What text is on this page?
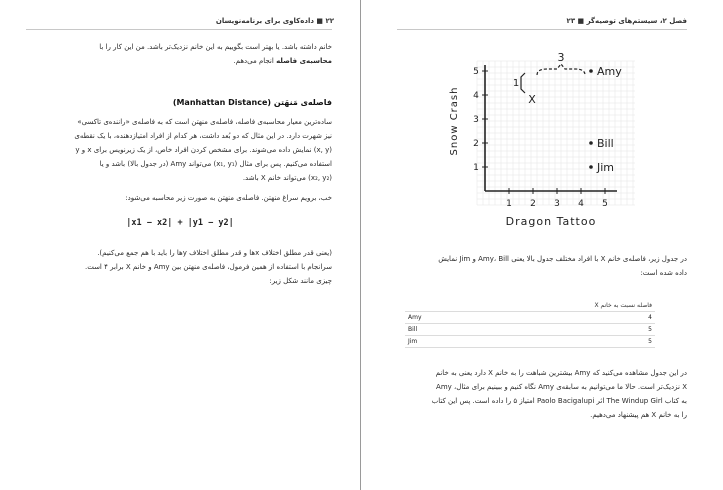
۲۲ ■ داده‌کاوی برای برنامه‌نویسان
خانم داشته باشد. یا بهتر است بگوییم به این خانم نزدیک‌تر باشد. من این کار را با
محاسبه‌ی فاصله انجام می‌دهم.
فاصله‌ی مَنهَتن (Manhattan Distance)
ساده‌ترین معیار محاسبه‌ی فاصله، فاصله‌ی منهتن است که به فاصله‌ی «راننده‌ی تاکسی»
نیز شهرت دارد. در این مثال که دو بُعد داشت، هر کدام از افراد امتیازدهنده، با یک نقطه‌ی
(x, y) نمایش داده می‌شوند. برای مشخص کردن افراد خاص، از یک زیرنویس برای x و y
استفاده می‌کنیم. پس برای مثال (x₁, y₁) می‌تواند Amy (در جدول بالا) باشد و یا
(x₂, y₂) می‌تواند خانم X باشد.
خب، برویم سراغ منهتن. فاصله‌ی منهتن به صورت زیر محاسبه می‌شود:
|x1 − x2| + |y1 − y2|
(یعنی قدر مطلق اختلاف xها و قدر مطلق اختلاف yها را باید با هم جمع می‌کنیم).
سرانجام با استفاده از همین فرمول، فاصله‌ی منهتن بین Amy و خانم X برابر ۴ است.
چیزی مانند شکل زیر:
فصل ۲، سیستم‌های توصیه‌گر ■ ۲۳
1 2 3 4 5
1
2
3
4
5	Amy
X
Bill
Jim
3
1
Dragon Tattoo
Snow Crash
در جدول زیر، فاصله‌ی خانم X با افراد مختلف جدول بالا یعنی Amy، Bill و Jim نمایش
داده شده است:
فاصله نسبت به خانم X	
4	Amy
5	Bill
5	Jim
در این جدول مشاهده می‌کنید که Amy بیشترین شباهت را به خانم X دارد یعنی به خانم
X نزدیک‌تر است. حالا ما می‌توانیم به سابقه‌ی Amy نگاه کنیم و ببینیم برای مثال، Amy
به کتاب The Windup Girl اثر Paolo Bacigalupi امتیاز ۵ را داده است. پس این کتاب
را به خانم X هم پیشنهاد می‌دهیم.
